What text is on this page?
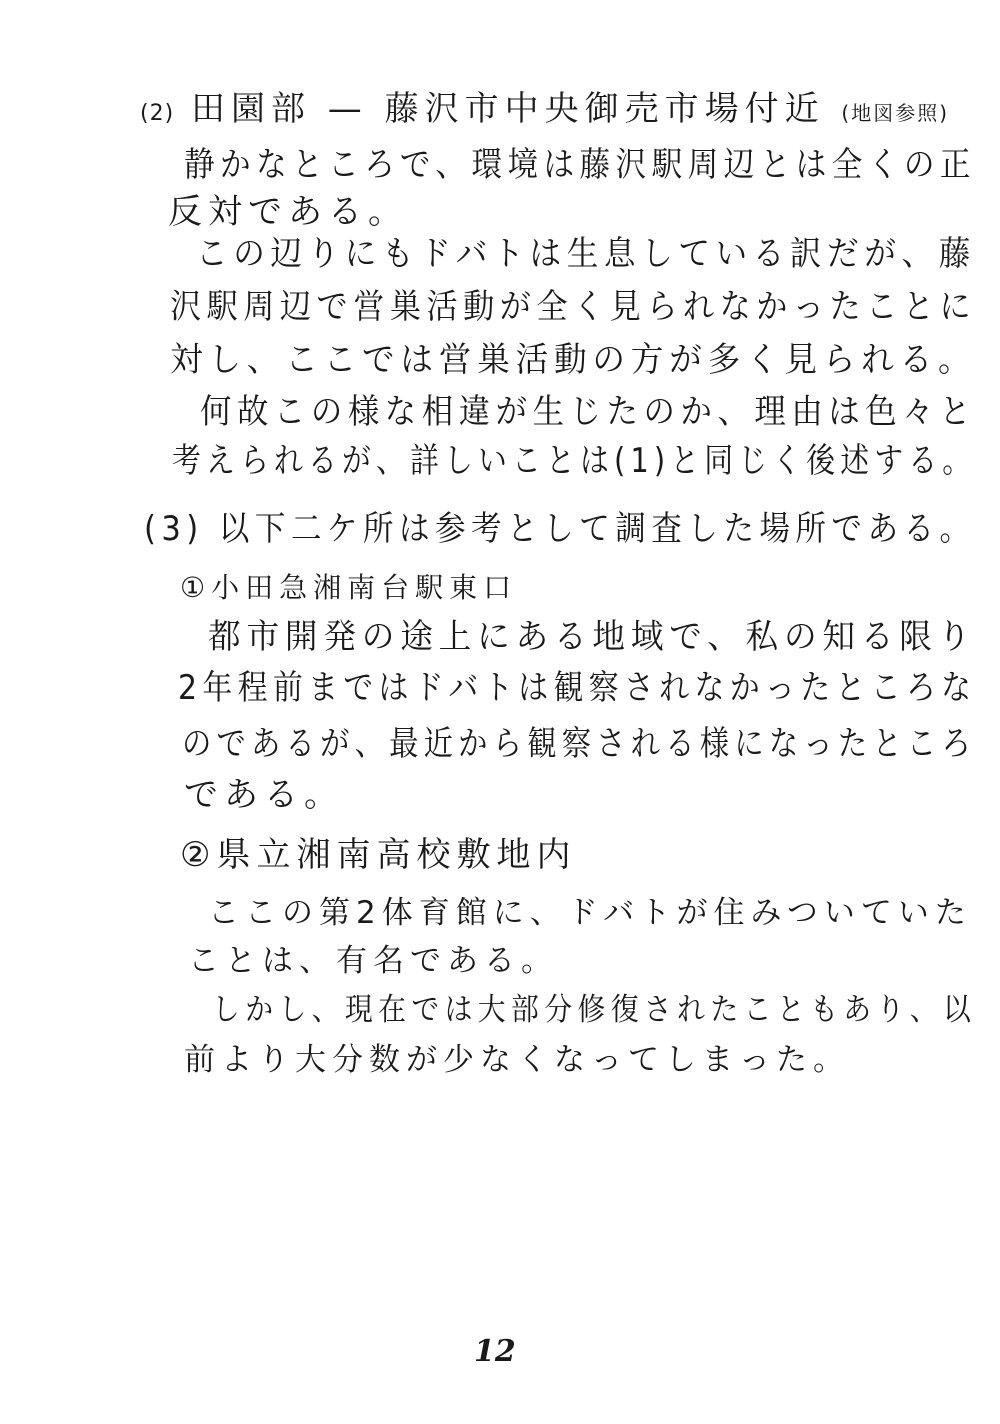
(2) 田園部 — 藤沢市中央御売市場付近 (地図参照)
静かなところで、環境は藤沢駅周辺とは全くの正
反対である。
この辺りにもドバトは生息している訳だが、藤
沢駅周辺で営巣活動が全く見られなかったことに
対し、ここでは営巣活動の方が多く見られる。
何故この様な相違が生じたのか、理由は色々と
考えられるが、詳しいことは(1)と同じく後述する。
(3) 以下二ケ所は参考として調査した場所である。
①小田急湘南台駅東口
都市開発の途上にある地域で、私の知る限り
2年程前まではドバトは観察されなかったところな
のであるが、最近から観察される様になったところ
である。
②県立湘南高校敷地内
ここの第2体育館に、ドバトが住みついていた
ことは、有名である。
しかし、現在では大部分修復されたこともあり、以
前より大分数が少なくなってしまった。
12
